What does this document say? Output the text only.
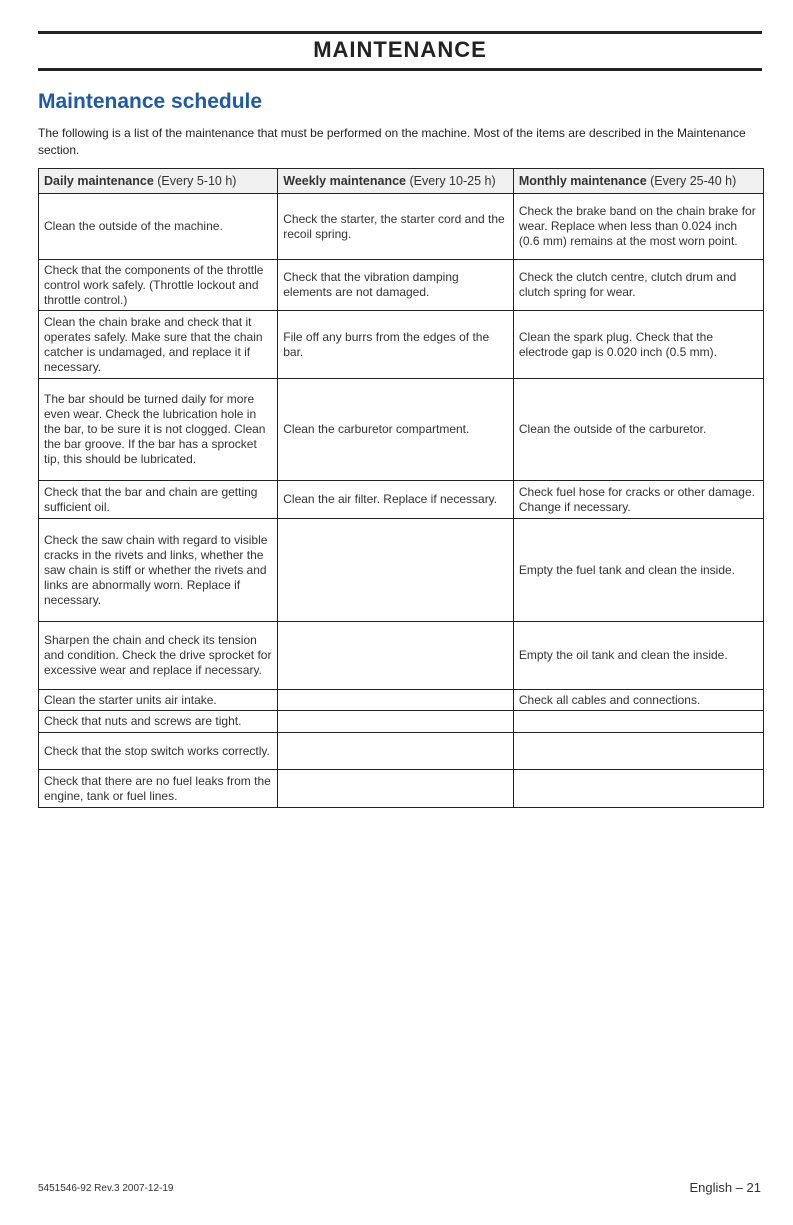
MAINTENANCE
Maintenance schedule
The following is a list of the maintenance that must be performed on the machine. Most of the items are described in the Maintenance section.
Daily maintenance (Every 5-10 h)	Weekly maintenance (Every 10-25 h)	Monthly maintenance (Every 25-40 h)
Clean the outside of the machine.	Check the starter, the starter cord and the recoil spring.	Check the brake band on the chain brake for wear. Replace when less than 0.024 inch (0.6 mm) remains at the most worn point.
Check that the components of the throttle control work safely. (Throttle lockout and throttle control.)	Check that the vibration damping elements are not damaged.	Check the clutch centre, clutch drum and clutch spring for wear.
Clean the chain brake and check that it operates safely. Make sure that the chain catcher is undamaged, and replace it if necessary.	File off any burrs from the edges of the bar.	Clean the spark plug. Check that the electrode gap is 0.020 inch (0.5 mm).
The bar should be turned daily for more even wear. Check the lubrication hole in the bar, to be sure it is not clogged. Clean the bar groove. If the bar has a sprocket tip, this should be lubricated.	Clean the carburetor compartment.	Clean the outside of the carburetor.
Check that the bar and chain are getting sufficient oil.	Clean the air filter. Replace if necessary.	Check fuel hose for cracks or other damage. Change if necessary.
Check the saw chain with regard to visible cracks in the rivets and links, whether the saw chain is stiff or whether the rivets and links are abnormally worn. Replace if necessary.		Empty the fuel tank and clean the inside.
Sharpen the chain and check its tension and condition. Check the drive sprocket for excessive wear and replace if necessary.		Empty the oil tank and clean the inside.
Clean the starter units air intake.		Check all cables and connections.
Check that nuts and screws are tight.		
Check that the stop switch works correctly.		
Check that there are no fuel leaks from the engine, tank or fuel lines.		
5451546-92 Rev.3 2007-12-19	English – 21
